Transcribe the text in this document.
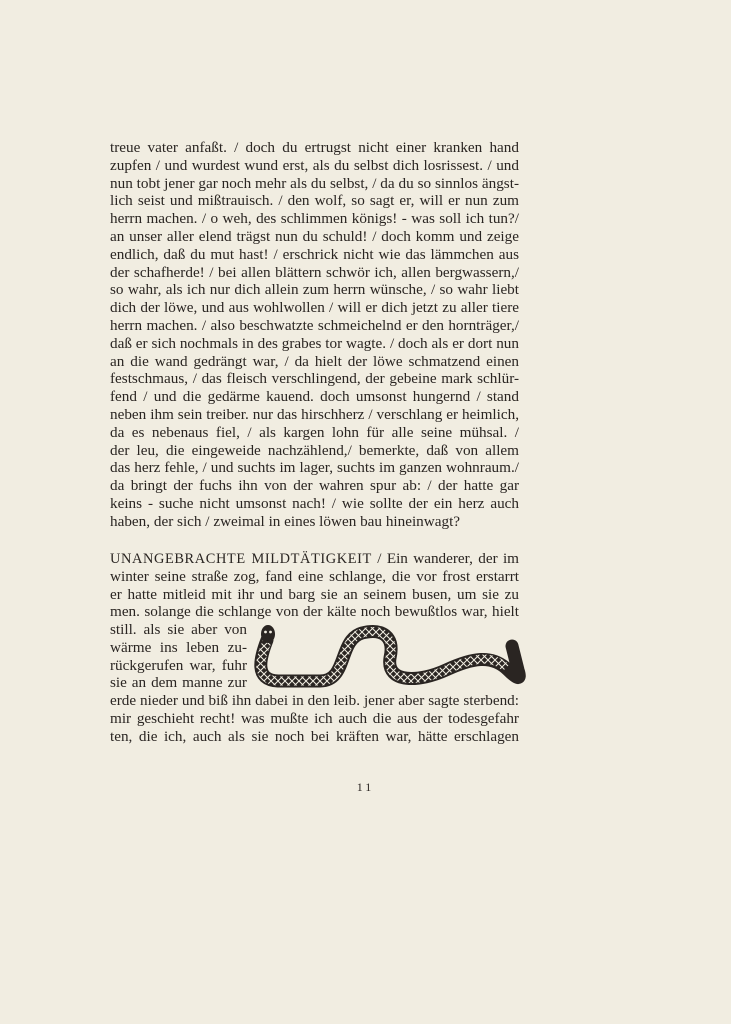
treue vater anfaßt. / doch du ertrugst nicht einer kranken hand
zupfen / und wurdest wund erst, als du selbst dich losrissest. / und
nun tobt jener gar noch mehr als du selbst, / da du so sinnlos ängst-
lich seist und mißtrauisch. / den wolf, so sagt er, will er nun zum
herrn machen. / o weh, des schlimmen königs! - was soll ich tun?/
an unser aller elend trägst nun du schuld! / doch komm und zeige
endlich, daß du mut hast! / erschrick nicht wie das lämmchen aus
der schafherde! / bei allen blättern schwör ich, allen bergwassern,/
so wahr, als ich nur dich allein zum herrn wünsche, / so wahr liebt
dich der löwe, und aus wohlwollen / will er dich jetzt zu aller tiere
herrn machen. / also beschwatzte schmeichelnd er den hornträger,/
daß er sich nochmals in des grabes tor wagte. / doch als er dort nun
an die wand gedrängt war, / da hielt der löwe schmatzend einen
festschmaus, / das fleisch verschlingend, der gebeine mark schlür-
fend / und die gedärme kauend. doch umsonst hungernd / stand
neben ihm sein treiber. nur das hirschherz / verschlang er heimlich,
da es nebenaus fiel, / als kargen lohn für alle seine mühsal. /
der leu, die eingeweide nachzählend,/ bemerkte, daß von allem
das herz fehle, / und suchts im lager, suchts im ganzen wohnraum./
da bringt der fuchs ihn von der wahren spur ab: / der hatte gar
keins - suche nicht umsonst nach! / wie sollte der ein herz auch
haben, der sich / zweimal in eines löwen bau hineinwagt?
UNANGEBRACHTE MILDTÄTIGKEIT / Ein wanderer, der im
winter seine straße zog, fand eine schlange, die vor frost erstarrt
er hatte mitleid mit ihr und barg sie an seinem busen, um sie zu
men. solange die schlange von der kälte noch bewußtlos war, hielt
still. als sie aber von
wärme ins leben zu-
rückgerufen war, fuhr
sie an dem manne zur
erde nieder und biß ihn dabei in den leib. jener aber sagte sterbend:
mir geschieht recht! was mußte ich auch die aus der todesgefahr
ten, die ich, auch als sie noch bei kräften war, hätte erschlagen
11
